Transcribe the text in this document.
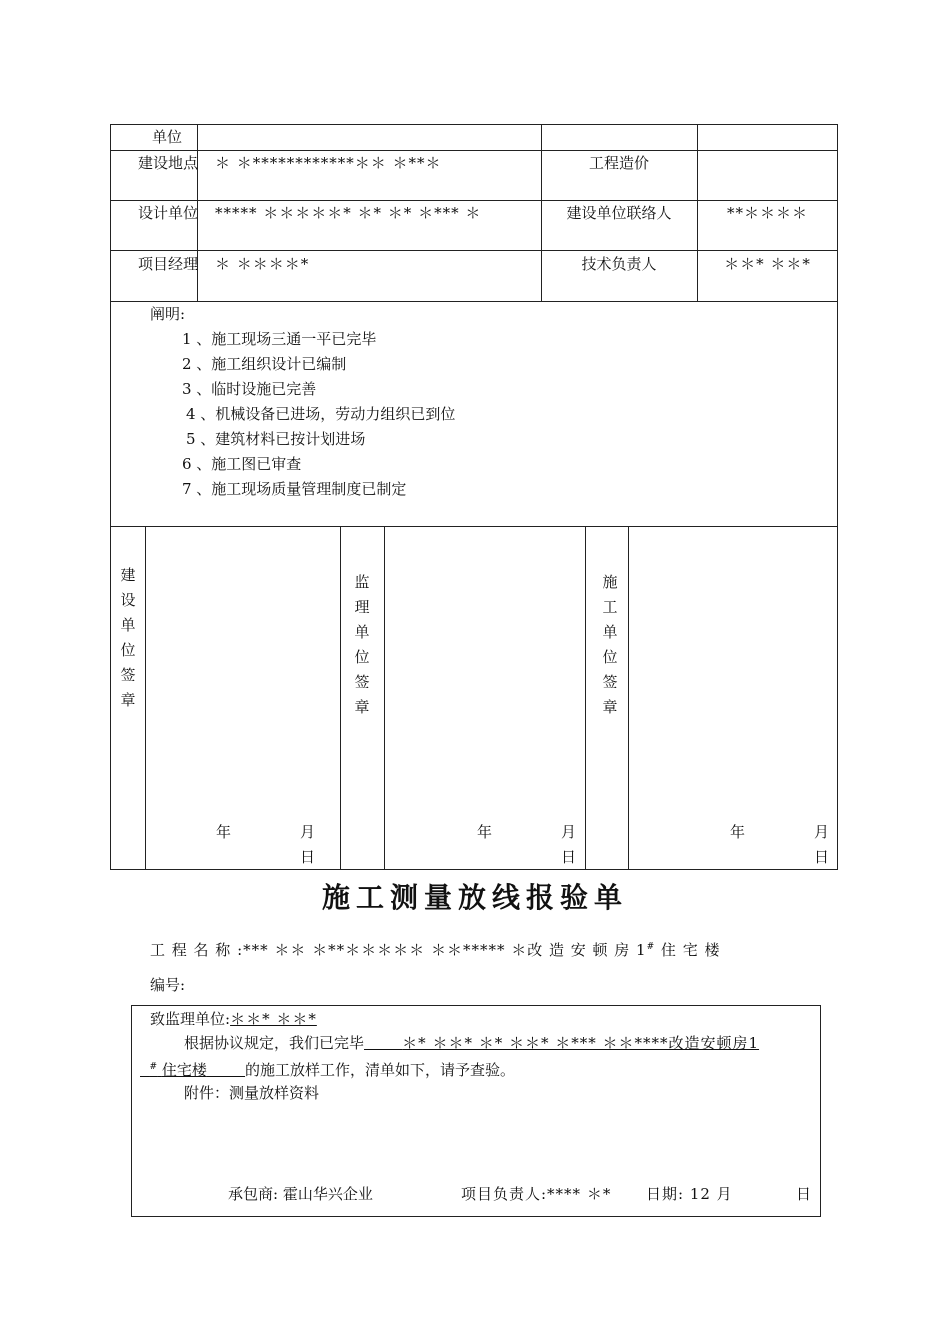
单位
建设地点 ＊ ＊************＊＊ ＊**＊	工程造价
设计单位 ***** ＊＊＊＊＊* ＊* ＊* ＊*** ＊	建设单位联络人	**＊＊＊＊
项目经理 ＊ ＊＊＊＊*	技术负责人	＊＊* ＊＊*
阐明:
1 、施工现场三通一平已完毕
2 、施工组织设计已编制
3 、临时设施已完善
4 、机械设备已进场，劳动力组织已到位
5 、建筑材料已按计划进场
6 、施工图已审查
7 、施工现场质量管理制度已制定
建设单位签章
年	月
日
监理单位签章
年	月
日
施工单位签章
年	月
日
施工测量放线报验单
工 程 名 称 :*** ＊＊ ＊**＊＊＊＊＊ ＊＊***** ＊改 造 安 顿 房 1# 住 宅 楼
编号:
致监理单位:＊＊* ＊＊*
根据协议规定，我们已完毕	＊* ＊＊* ＊* ＊＊* ＊*** ＊＊****改造安顿房1
# 住宅楼	的施工放样工作，清单如下，请予查验。
附件：测量放样资料
承包商: 霍山华兴企业	项目负责人:**** ＊* 日期: 12 月	日
